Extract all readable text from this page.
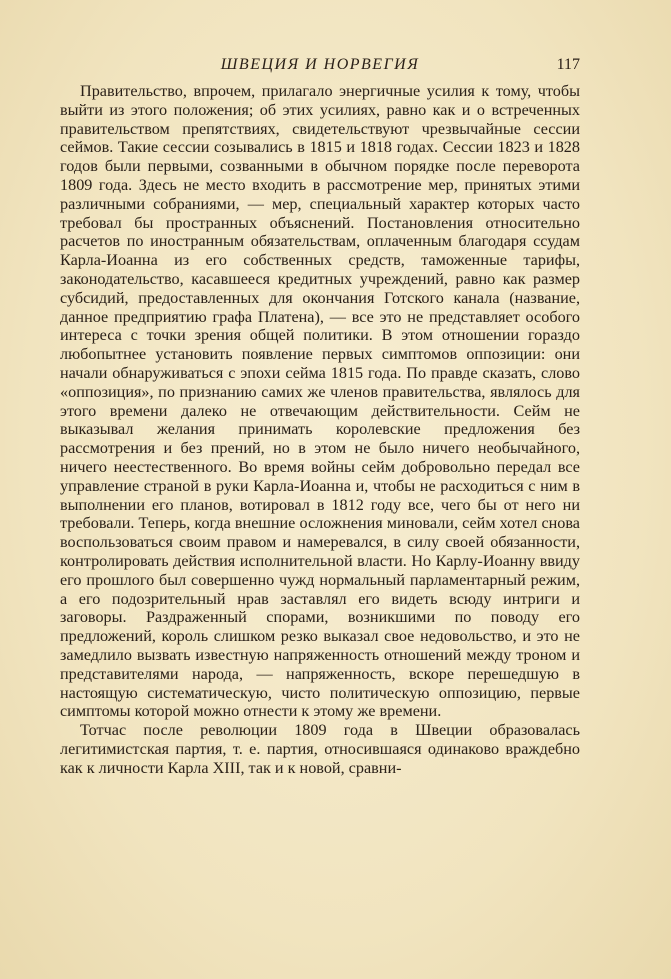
ШВЕЦИЯ И НОРВЕГИЯ	117

Правительство, впрочем, прилагало энергичные усилия к тому, чтобы выйти из этого положения; об этих усилиях, равно как и о встреченных правительством препятствиях, свидетельствуют чрезвычайные сессии сеймов. Такие сессии созывались в 1815 и 1818 годах. Сессии 1823 и 1828 годов были первыми, созванными в обычном порядке после переворота 1809 года. Здесь не место входить в рассмотрение мер, принятых этими различными собраниями, — мер, специальный характер которых часто требовал бы пространных объяснений. Постановления относительно расчетов по иностранным обязательствам, оплаченным благодаря ссудам Карла-Иоанна из его собственных средств, таможенные тарифы, законодательство, касавшееся кредитных учреждений, равно как размер субсидий, предоставленных для окончания Готского канала (название, данное предприятию графа Платена), — все это не представляет особого интереса с точки зрения общей политики. В этом отношении гораздо любопытнее установить появление первых симптомов оппозиции: они начали обнаруживаться с эпохи сейма 1815 года. По правде сказать, слово «оппозиция», по признанию самих же членов правительства, являлось для этого времени далеко не отвечающим действительности. Сейм не выказывал желания принимать королевские предложения без рассмотрения и без прений, но в этом не было ничего необычайного, ничего неестественного. Во время войны сейм добровольно передал все управление страной в руки Карла-Иоанна и, чтобы не расходиться с ним в выполнении его планов, вотировал в 1812 году все, чего бы от него ни требовали. Теперь, когда внешние осложнения миновали, сейм хотел снова воспользоваться своим правом и намеревался, в силу своей обязанности, контролировать действия исполнительной власти. Но Карлу-Иоанну ввиду его прошлого был совершенно чужд нормальный парламентарный режим, а его подозрительный нрав заставлял его видеть всюду интриги и заговоры. Раздраженный спорами, возникшими по поводу его предложений, король слишком резко выказал свое недовольство, и это не замедлило вызвать известную напряженность отношений между троном и представителями народа, — напряженность, вскоре перешедшую в настоящую систематическую, чисто политическую оппозицию, первые симптомы которой можно отнести к этому же времени.

Тотчас после революции 1809 года в Швеции образовалась легитимистская партия, т. е. партия, относившаяся одинаково враждебно как к личности Карла XIII, так и к новой, сравни-
